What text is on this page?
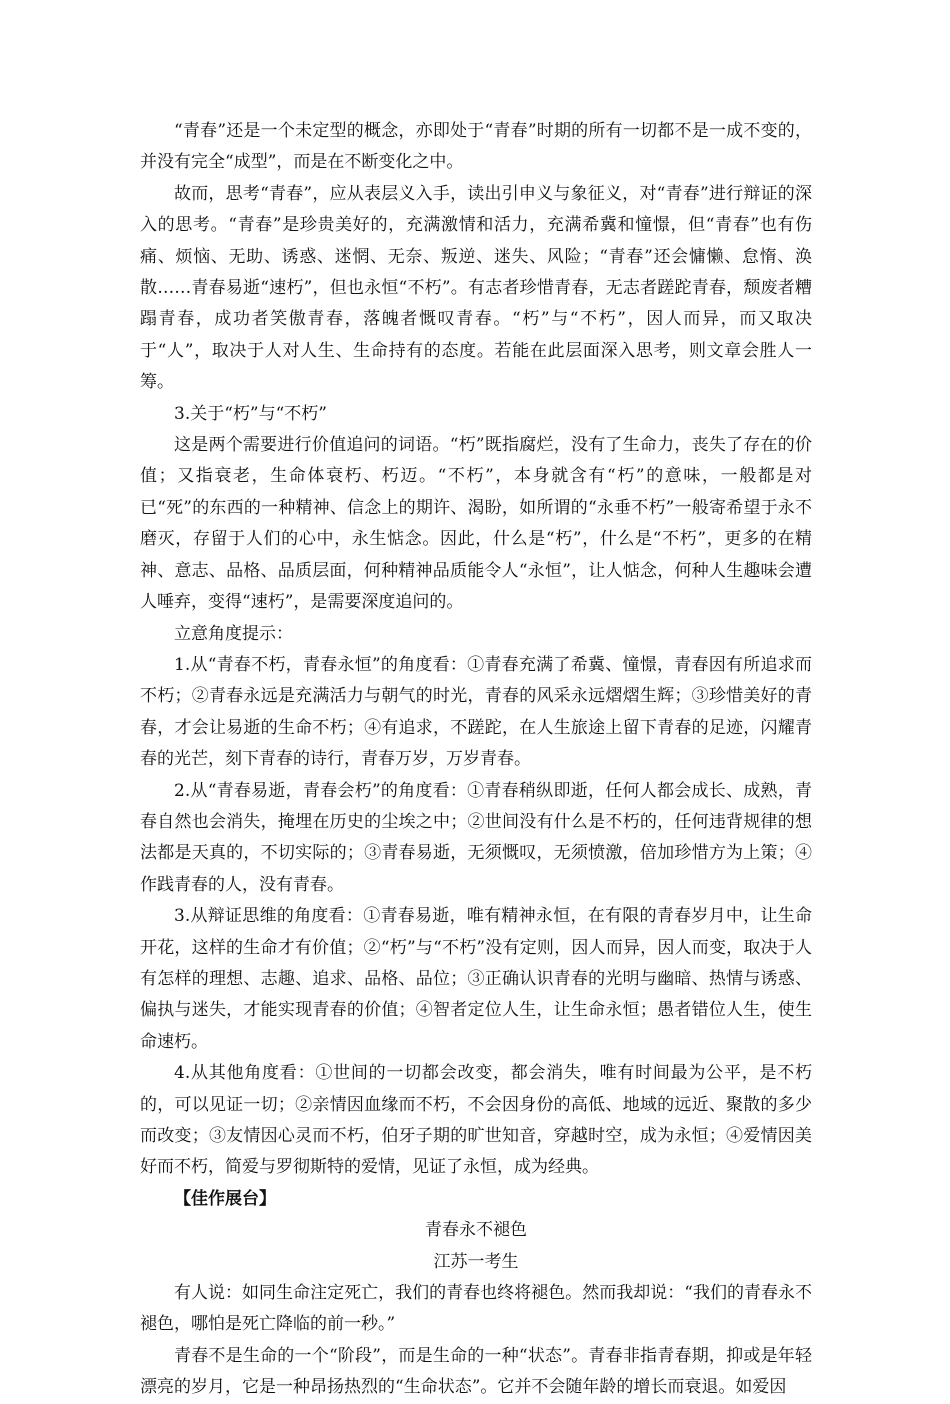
“青春”还是一个未定型的概念，亦即处于“青春”时期的所有一切都不是一成不变的，并没有完全“成型”，而是在不断变化之中。

故而，思考“青春”，应从表层义入手，读出引申义与象征义，对“青春”进行辩证的深入的思考。“青春”是珍贵美好的，充满激情和活力，充满希冀和憧憬，但“青春”也有伤痛、烦恼、无助、诱惑、迷惘、无奈、叛逆、迷失、风险；“青春”还会慵懒、怠惰、涣散……青春易逝“速朽”，但也永恒“不朽”。有志者珍惜青春，无志者蹉跎青春，颓废者糟蹋青春，成功者笑傲青春，落魄者慨叹青春。“朽”与“不朽”，因人而异，而又取决于“人”，取决于人对人生、生命持有的态度。若能在此层面深入思考，则文章会胜人一筹。

3.关于“朽”与“不朽”

这是两个需要进行价值追问的词语。“朽”既指腐烂，没有了生命力，丧失了存在的价值；又指衰老，生命体衰朽、朽迈。“不朽”，本身就含有“朽”的意味，一般都是对已“死”的东西的一种精神、信念上的期许、渴盼，如所谓的“永垂不朽”一般寄希望于永不磨灭，存留于人们的心中，永生惦念。因此，什么是“朽”，什么是“不朽”，更多的在精神、意志、品格、品质层面，何种精神品质能令人“永恒”，让人惦念，何种人生趣味会遭人唾弃，变得“速朽”，是需要深度追问的。

立意角度提示：

1.从“青春不朽，青春永恒”的角度看：①青春充满了希冀、憧憬，青春因有所追求而不朽；②青春永远是充满活力与朝气的时光，青春的风采永远熠熠生辉；③珍惜美好的青春，才会让易逝的生命不朽；④有追求，不蹉跎，在人生旅途上留下青春的足迹，闪耀青春的光芒，刻下青春的诗行，青春万岁，万岁青春。

2.从“青春易逝，青春会朽”的角度看：①青春稍纵即逝，任何人都会成长、成熟，青春自然也会消失，掩埋在历史的尘埃之中；②世间没有什么是不朽的，任何违背规律的想法都是天真的，不切实际的；③青春易逝，无须慨叹，无须愤激，倍加珍惜方为上策；④作践青春的人，没有青春。

3.从辩证思维的角度看：①青春易逝，唯有精神永恒，在有限的青春岁月中，让生命开花，这样的生命才有价值；②“朽”与“不朽”没有定则，因人而异，因人而变，取决于人有怎样的理想、志趣、追求、品格、品位；③正确认识青春的光明与幽暗、热情与诱惑、偏执与迷失，才能实现青春的价值；④智者定位人生，让生命永恒；愚者错位人生，使生命速朽。

4.从其他角度看：①世间的一切都会改变，都会消失，唯有时间最为公平，是不朽的，可以见证一切；②亲情因血缘而不朽，不会因身份的高低、地域的远近、聚散的多少而改变；③友情因心灵而不朽，伯牙子期的旷世知音，穿越时空，成为永恒；④爱情因美好而不朽，简爱与罗彻斯特的爱情，见证了永恒，成为经典。

【佳作展台】

青春永不褪色

江苏一考生

有人说：如同生命注定死亡，我们的青春也终将褪色。然而我却说：“我们的青春永不褪色，哪怕是死亡降临的前一秒。”

青春不是生命的一个“阶段”，而是生命的一种“状态”。青春非指青春期，抑或是年轻漂亮的岁月，它是一种昂扬热烈的“生命状态”。它并不会随年龄的增长而衰退。如爱因
